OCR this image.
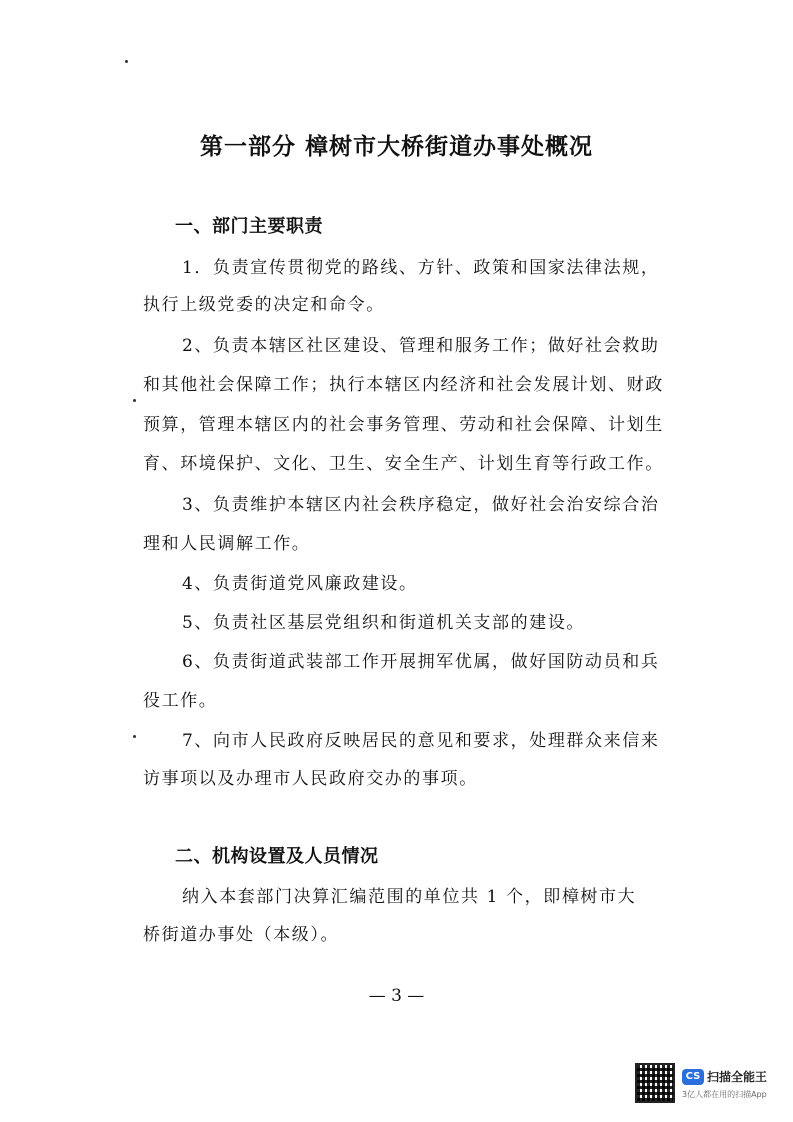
第一部分 樟树市大桥街道办事处概况
一、部门主要职责
1．负责宣传贯彻党的路线、方针、政策和国家法律法规，
执行上级党委的决定和命令。
2、负责本辖区社区建设、管理和服务工作；做好社会救助
和其他社会保障工作；执行本辖区内经济和社会发展计划、财政
预算，管理本辖区内的社会事务管理、劳动和社会保障、计划生
育、环境保护、文化、卫生、安全生产、计划生育等行政工作。
3、负责维护本辖区内社会秩序稳定，做好社会治安综合治
理和人民调解工作。
4、负责街道党风廉政建设。
5、负责社区基层党组织和街道机关支部的建设。
6、负责街道武装部工作开展拥军优属，做好国防动员和兵
役工作。
7、向市人民政府反映居民的意见和要求，处理群众来信来
访事项以及办理市人民政府交办的事项。
二、机构设置及人员情况
纳入本套部门决算汇编范围的单位共 1 个，即樟树市大
桥街道办事处（本级）。
— 3 —
CS 扫描全能王
3亿人都在用的扫描App
